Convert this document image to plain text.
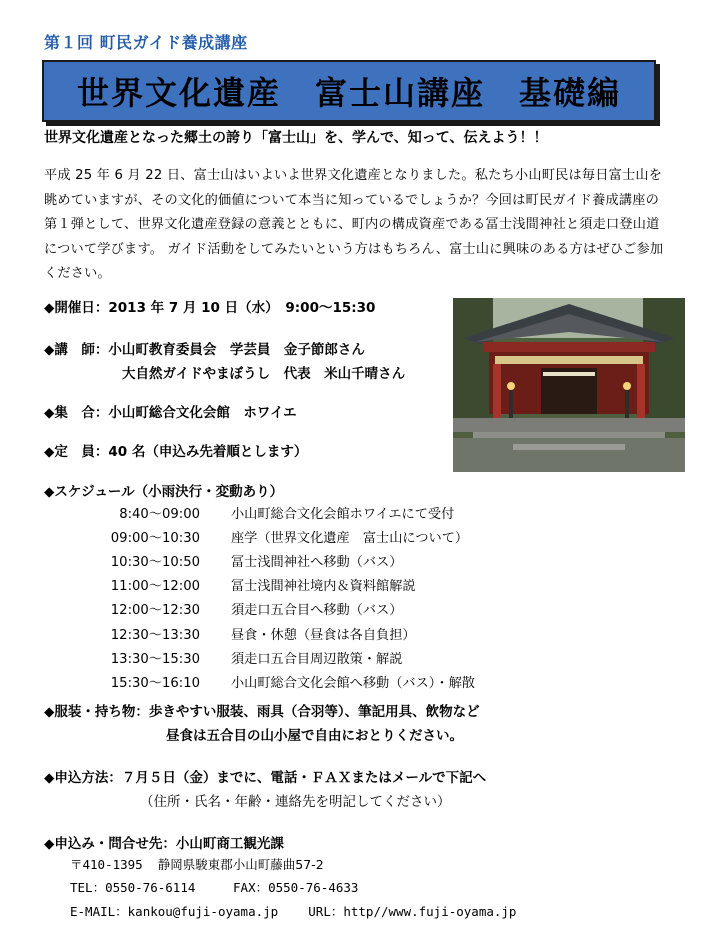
第１回 町民ガイド養成講座
世界文化遺産　富士山講座　基礎編
世界文化遺産となった郷土の誇り「富士山」を、学んで、知って、伝えよう！！
平成 25 年 6 月 22 日、富士山はいよいよ世界文化遺産となりました。私たち小山町民は毎日富士山を眺めていますが、その文化的価値について本当に知っているでしょうか？今回は町民ガイド養成講座の第１弾として、世界文化遺産登録の意義とともに、町内の構成資産である冨士浅間神社と須走口登山道について学びます。 ガイド活動をしてみたいという方はもちろん、富士山に興味のある方はぜひご参加ください。
◆開催日：2013 年 7 月 10 日（水）　9:00～15:30
◆講　師：小山町教育委員会　学芸員　金子節郎さん
大自然ガイドやまぼうし　代表　米山千晴さん
◆集　合：小山町総合文化会館　ホワイエ
◆定　員：40 名（申込み先着順とします）
◆スケジュール（小雨決行・変動あり）
8:40～09:00	小山町総合文化会館ホワイエにて受付
09:00～10:30	座学（世界文化遺産　富士山について）
10:30～10:50	冨士浅間神社へ移動（バス）
11:00～12:00	冨士浅間神社境内＆資料館解説
12:00～12:30	須走口五合目へ移動（バス）
12:30～13:30	昼食・休憩（昼食は各自負担）
13:30～15:30	須走口五合目周辺散策・解説
15:30～16:10	小山町総合文化会館へ移動（バス）・解散
◆服装・持ち物：歩きやすい服装、雨具（合羽等）、筆記用具、飲物など
昼食は五合目の山小屋で自由におとりください。
◆申込方法：７月５日（金）までに、電話・ＦＡＸまたはメールで下記へ
（住所・氏名・年齢・連絡先を明記してください）
◆申込み・問合せ先：小山町商工観光課
〒410-1395 静岡県駿東郡小山町藤曲57-2
TEL：0550-76-6114	FAX：0550-76-4633
E-MAIL：kankou@fuji-oyama.jp URL：http//www.fuji-oyama.jp
